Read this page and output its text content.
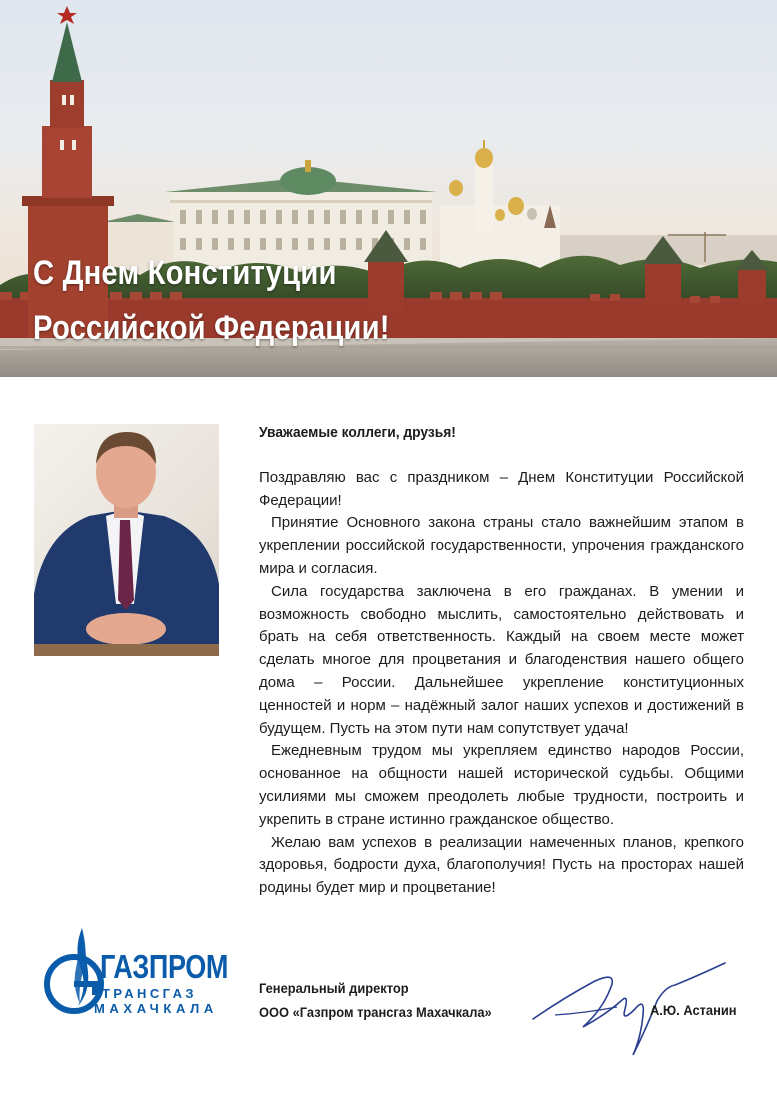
С Днем Конституции
Российской Федерации!

Уважаемые коллеги, друзья!

Поздравляю вас с праздником – Днем Конституции Российской Федерации!

Принятие Основного закона страны стало важнейшим этапом в укреплении российской государственности, упрочения гражданского мира и согласия.

Сила государства заключена в его гражданах. В умении и возможность свободно мыслить, самостоятельно действовать и брать на себя ответственность. Каждый на своем месте может сделать многое для процветания и благоденствия нашего общего дома – России. Дальнейшее укрепление конституционных ценностей и норм – надёжный залог наших успехов и достижений в будущем. Пусть на этом пути нам сопутствует удача!

Ежедневным трудом мы укрепляем единство народов России, основанное на общности нашей исторической судьбы. Общими усилиями мы сможем преодолеть любые трудности, построить и укрепить в стране истинно гражданское общество.

Желаю вам успехов в реализации намеченных планов, крепкого здоровья, бодрости духа, благополучия! Пусть на просторах нашей родины будет мир и процветание!

ГАЗПРОМ
ТРАНСГАЗ
МАХАЧКАЛА
Генеральный директор
ООО «Газпром трансгаз Махачкала»	А.Ю. Астанин
